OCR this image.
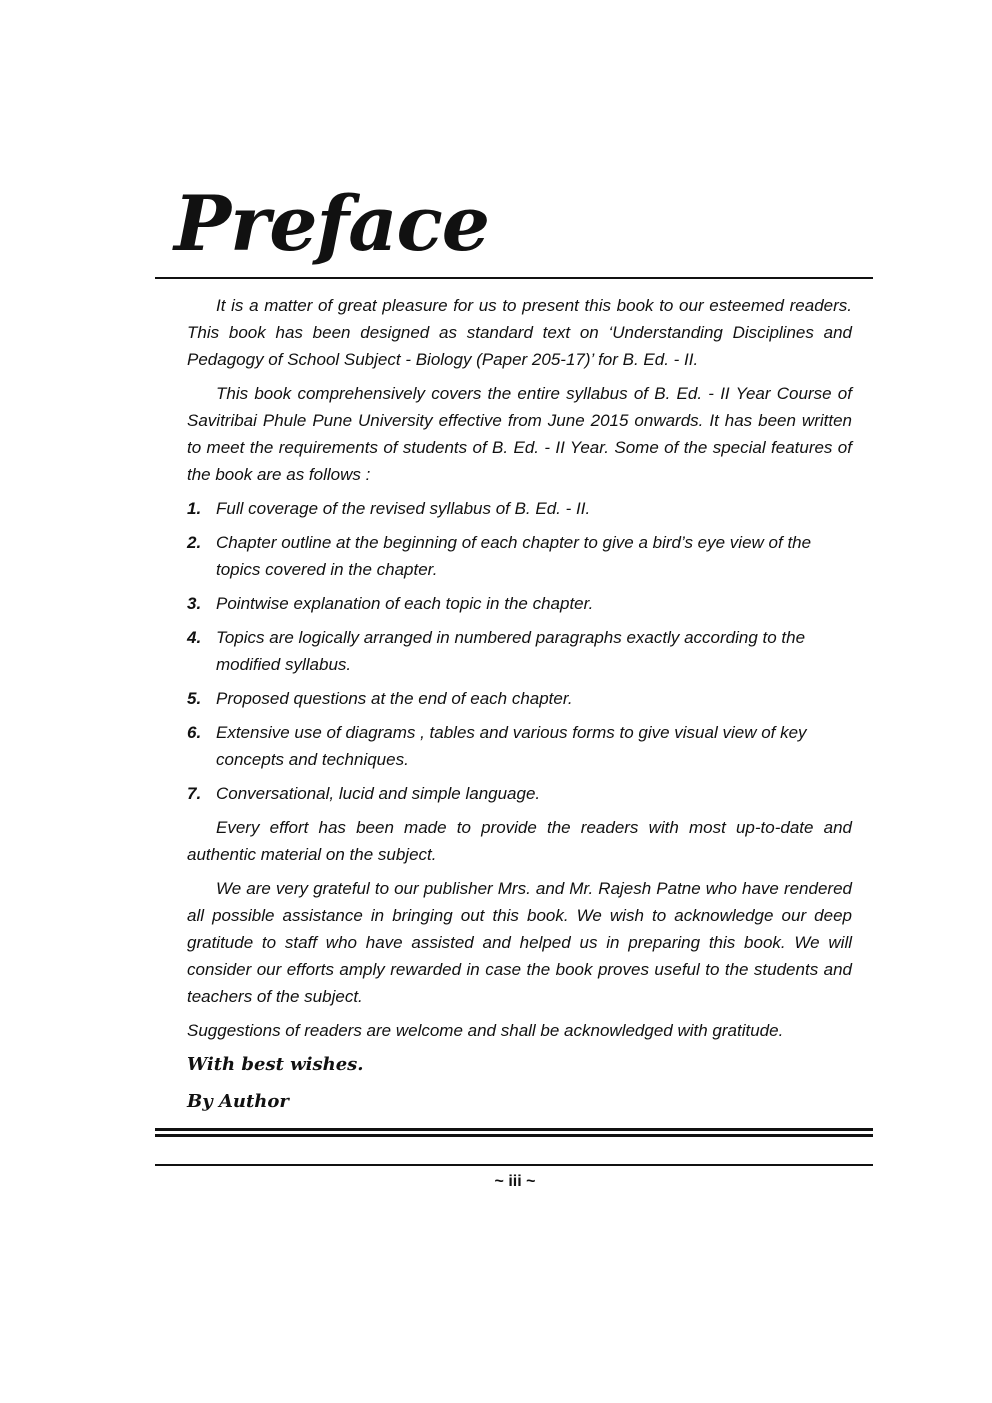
Preface

It is a matter of great pleasure for us to present this book to our esteemed readers. This book has been designed as standard text on ‘Understanding Disciplines and Pedagogy of School Subject - Biology (Paper 205-17)’ for B. Ed. - II.

This book comprehensively covers the entire syllabus of B. Ed. - II Year Course of Savitribai Phule Pune University effective from June 2015 onwards. It has been written to meet the requirements of students of B. Ed. - II Year. Some of the special features of the book are as follows :

1. Full coverage of the revised syllabus of B. Ed. - II.
2. Chapter outline at the beginning of each chapter to give a bird’s eye view of the topics covered in the chapter.
3. Pointwise explanation of each topic in the chapter.
4. Topics are logically arranged in numbered paragraphs exactly according to the modified syllabus.
5. Proposed questions at the end of each chapter.
6. Extensive use of diagrams , tables and various forms to give visual view of key concepts and techniques.
7. Conversational, lucid and simple language.

Every effort has been made to provide the readers with most up-to-date and authentic material on the subject.

We are very grateful to our publisher Mrs. and Mr. Rajesh Patne who have rendered all possible assistance in bringing out this book. We wish to acknowledge our deep gratitude to staff who have assisted and helped us in preparing this book. We will consider our efforts amply rewarded in case the book proves useful to the students and teachers of the subject.

Suggestions of readers are welcome and shall be acknowledged with gratitude.

With best wishes.

By Author

~ iii ~
